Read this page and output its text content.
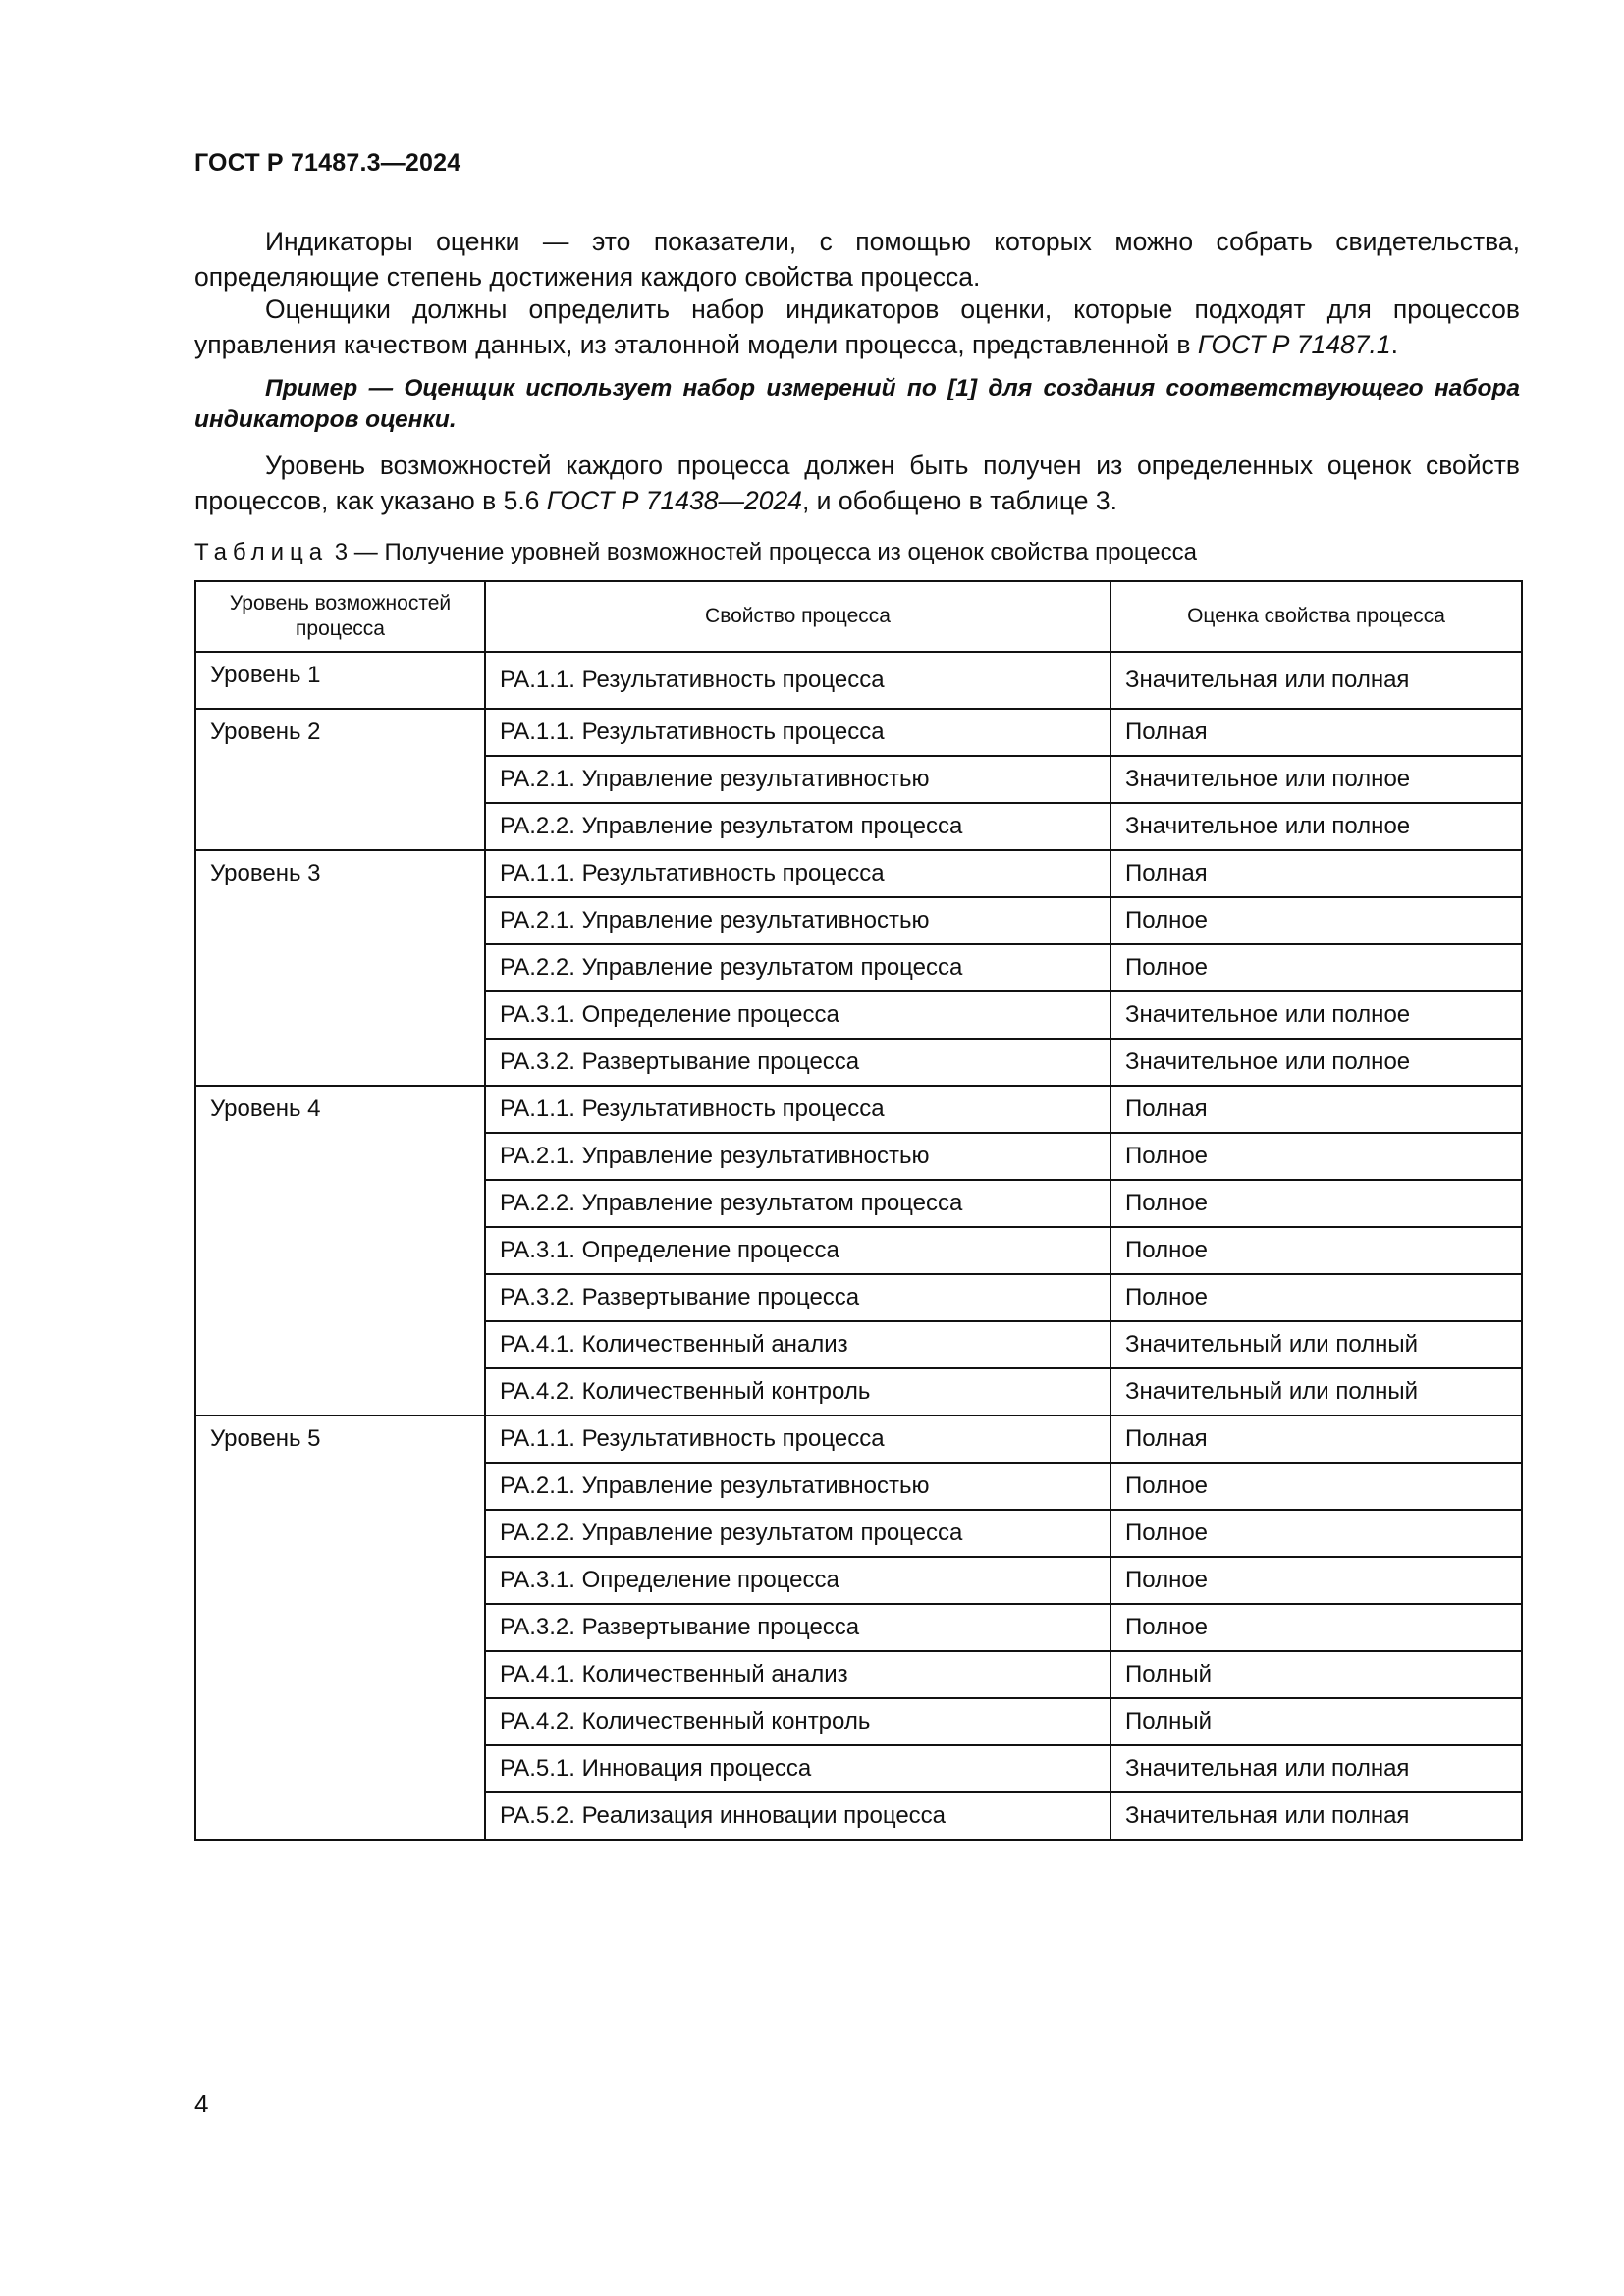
ГОСТ Р 71487.3—2024

Индикаторы оценки — это показатели, с помощью которых можно собрать свидетельства, определяющие степень достижения каждого свойства процесса.

Оценщики должны определить набор индикаторов оценки, которые подходят для процессов управления качеством данных, из эталонной модели процесса, представленной в ГОСТ Р 71487.1.

Пример — Оценщик использует набор измерений по [1] для создания соответствующего набора индикаторов оценки.

Уровень возможностей каждого процесса должен быть получен из определенных оценок свойств процессов, как указано в 5.6 ГОСТ Р 71438—2024, и обобщено в таблице 3.

Таблица 3 — Получение уровней возможностей процесса из оценок свойства процесса
Уровень возможностей процесса	Свойство процесса	Оценка свойства процесса
Уровень 1	PA.1.1. Результативность процесса	Значительная или полная
Уровень 2	PA.1.1. Результативность процесса	Полная
	PA.2.1. Управление результативностью	Значительное или полное
	PA.2.2. Управление результатом процесса	Значительное или полное
Уровень 3	PA.1.1. Результативность процесса	Полная
	PA.2.1. Управление результативностью	Полное
	PA.2.2. Управление результатом процесса	Полное
	PA.3.1. Определение процесса	Значительное или полное
	PA.3.2. Развертывание процесса	Значительное или полное
Уровень 4	PA.1.1. Результативность процесса	Полная
	PA.2.1. Управление результативностью	Полное
	PA.2.2. Управление результатом процесса	Полное
	PA.3.1. Определение процесса	Полное
	PA.3.2. Развертывание процесса	Полное
	PA.4.1. Количественный анализ	Значительный или полный
	PA.4.2. Количественный контроль	Значительный или полный
Уровень 5	PA.1.1. Результативность процесса	Полная
	PA.2.1. Управление результативностью	Полное
	PA.2.2. Управление результатом процесса	Полное
	PA.3.1. Определение процесса	Полное
	PA.3.2. Развертывание процесса	Полное
	PA.4.1. Количественный анализ	Полный
	PA.4.2. Количественный контроль	Полный
	PA.5.1. Инновация процесса	Значительная или полная
	PA.5.2. Реализация инновации процесса	Значительная или полная
4
